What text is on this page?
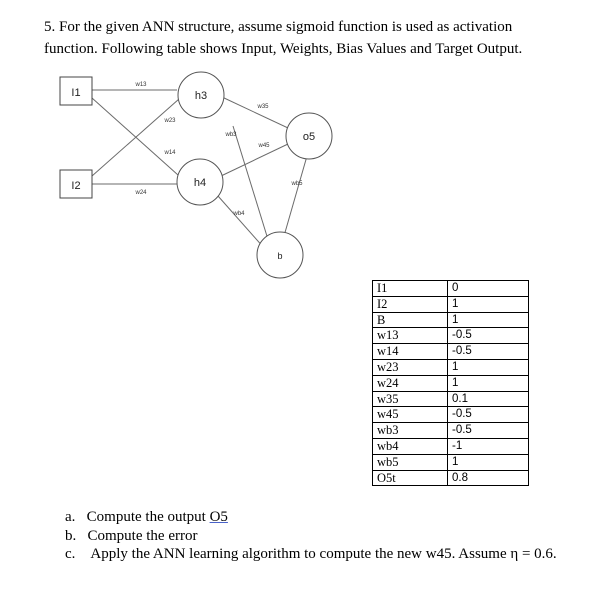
5. For the given ANN structure, assume sigmoid function is used as activation
function. Following table shows Input, Weights, Bias Values and Target Output.

I1
I2
h3
h4
o5
b
w13
w23
w14
w24
w35
w45
wb3
wb4
wb5
I1	0
I2	1
B	1
w13	-0.5
w14	-0.5
w23	1
w24	1
w35	0.1
w45	-0.5
wb3	-0.5
wb4	-1
wb5	1
O5t	0.8
a. Compute the output O5
b. Compute the error
c. Apply the ANN learning algorithm to compute the new w45. Assume η = 0.6.
